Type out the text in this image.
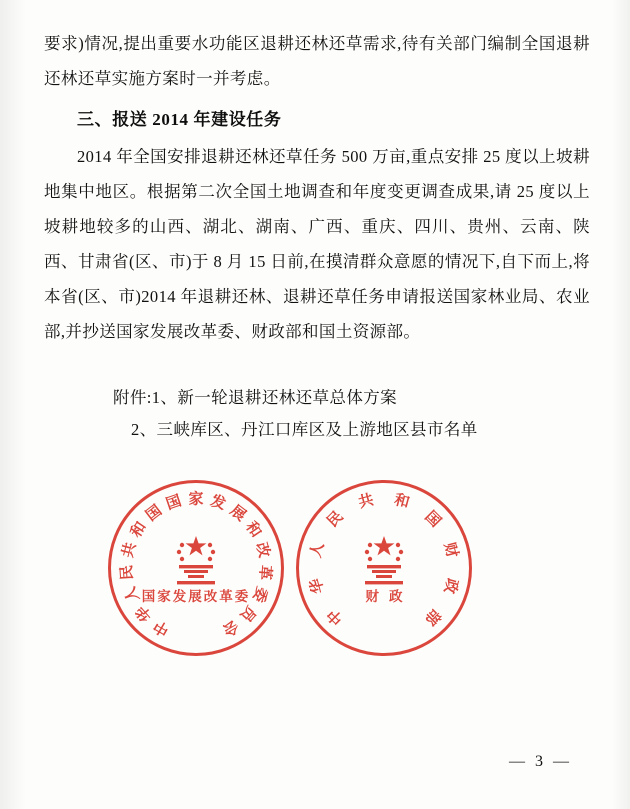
要求)情况,提出重要水功能区退耕还林还草需求,待有关部门编制全国退耕还林还草实施方案时一并考虑。

三、报送 2014 年建设任务

2014 年全国安排退耕还林还草任务 500 万亩,重点安排 25 度以上坡耕地集中地区。根据第二次全国土地调查和年度变更调查成果,请 25 度以上坡耕地较多的山西、湖北、湖南、广西、重庆、四川、贵州、云南、陕西、甘肃省(区、市)于 8 月 15 日前,在摸清群众意愿的情况下,自下而上,将本省(区、市)2014 年退耕还林、退耕还草任务申请报送国家林业局、农业部,并抄送国家发展改革委、财政部和国土资源部。

附件:1、新一轮退耕还林还草总体方案
2、三峡库区、丹江口库区及上游地区县市名单
中
华
人
民
共
和
国 国 家 发 展
和
改
革
委
员
会
国家发展改革委
中
华
人
民
共 和
国
财
政
部
财政
— 3 —
